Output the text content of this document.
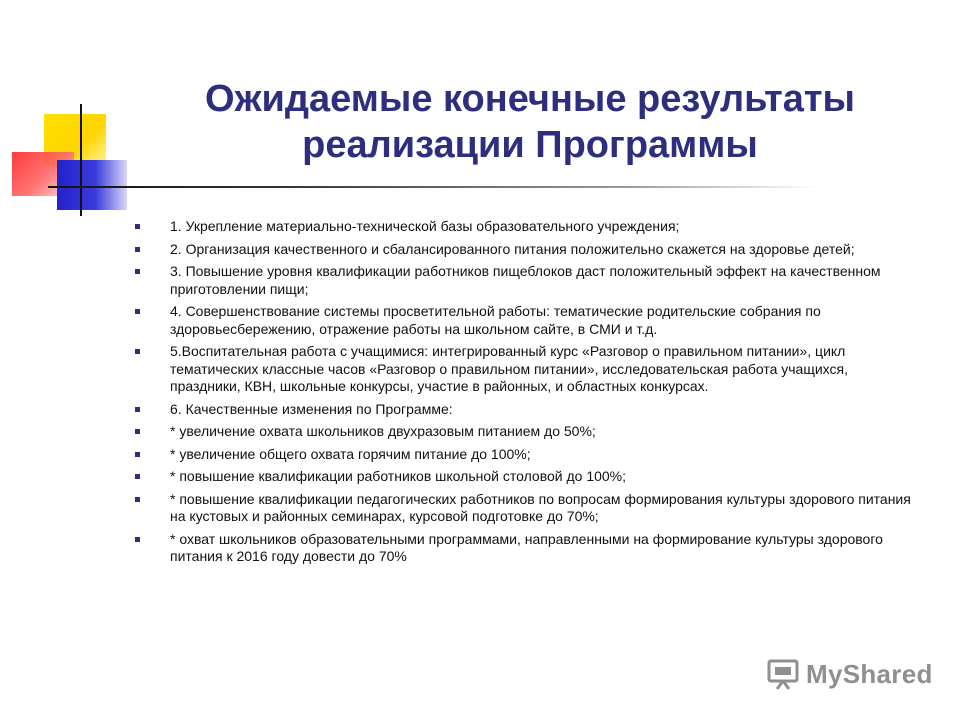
Ожидаемые конечные результаты
реализации Программы
1. Укрепление материально-технической базы образовательного учреждения;
2. Организация качественного и сбалансированного питания положительно скажется на здоровье детей;
3. Повышение уровня квалификации работников пищеблоков даст положительный эффект на качественном приготовлении пищи;
4. Совершенствование системы просветительной работы: тематические родительские собрания по здоровьесбережению, отражение работы на школьном сайте, в СМИ и т.д.
5.Воспитательная работа с учащимися: интегрированный курс «Разговор о правильном питании», цикл тематических классные часов «Разговор о правильном питании», исследовательская работа учащихся, праздники, КВН, школьные конкурсы, участие в районных, и областных конкурсах.
6. Качественные изменения по Программе:
* увеличение охвата школьников двухразовым питанием до 50%;
* увеличение общего охвата горячим питание до 100%;
* повышение квалификации работников школьной столовой до 100%;
* повышение квалификации педагогических работников по вопросам формирования культуры здорового питания на кустовых и районных семинарах, курсовой подготовке до 70%;
* охват школьников образовательными программами, направленными на формирование культуры здорового питания к 2016 году довести до 70%
MyShared
